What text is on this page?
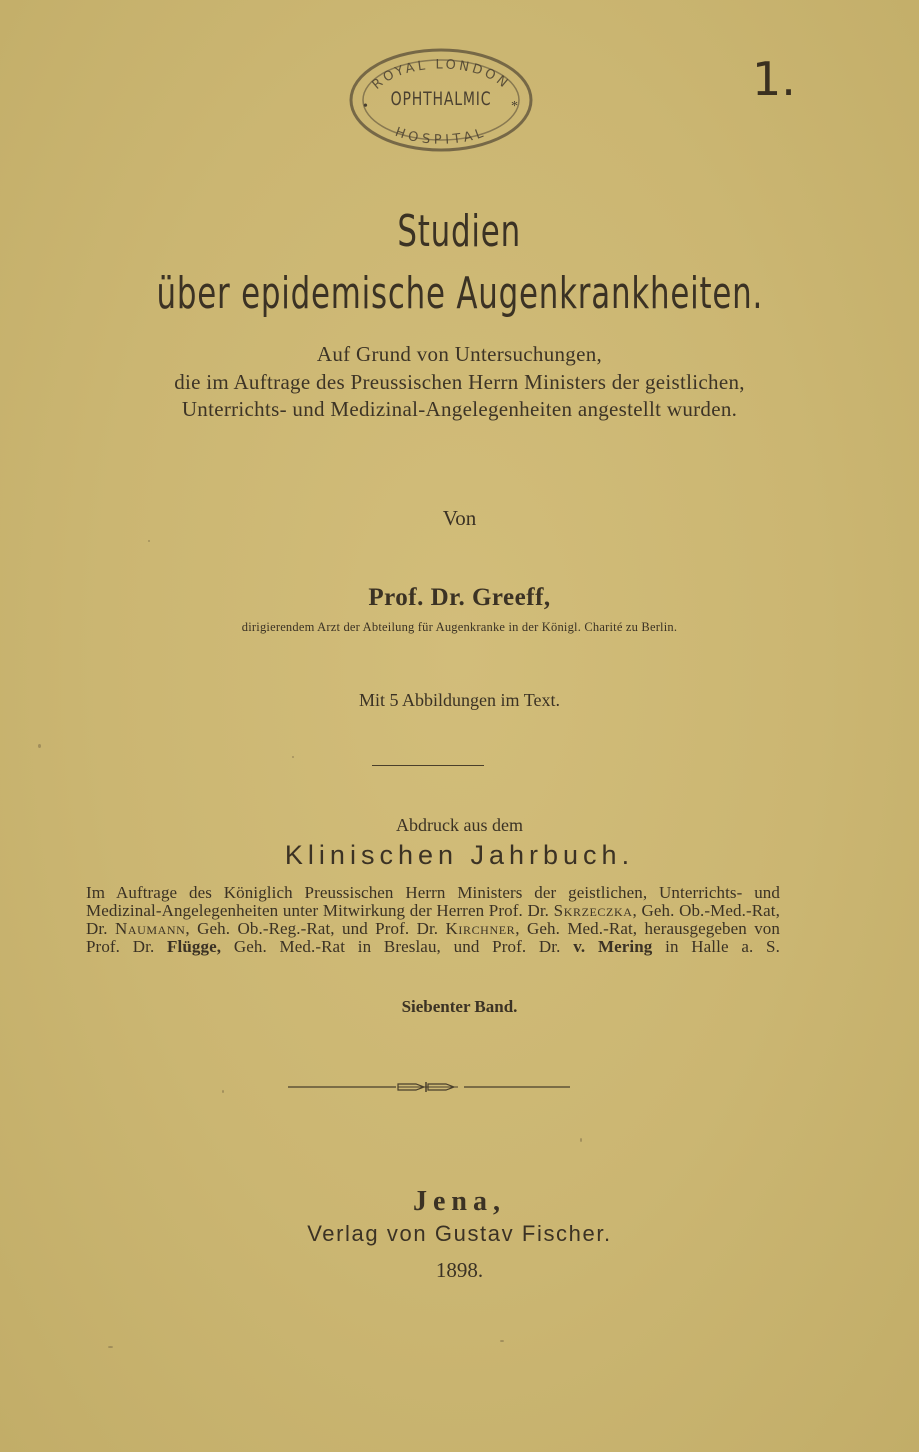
ROYAL LONDON
HOSPITAL
•	*
OPHTHALMIC	1.
Studien
über epidemische Augenkrankheiten.
Auf Grund von Untersuchungen,
die im Auftrage des Preussischen Herrn Ministers der geistlichen,
Unterrichts- und Medizinal-Angelegenheiten angestellt wurden.
Von
Prof. Dr. Greeff,
dirigierendem Arzt der Abteilung für Augenkranke in der Königl. Charité zu Berlin.
Mit 5 Abbildungen im Text.
Abdruck aus dem
Klinischen Jahrbuch.

Im Auftrage des Königlich Preussischen Herrn Ministers der geistlichen, Unterrichts- und Medizinal-Angelegenheiten unter Mitwirkung der Herren Prof. Dr. Skrzeczka, Geh. Ob.-Med.-Rat, Dr. Naumann, Geh. Ob.-Reg.-Rat, und Prof. Dr. Kirchner, Geh. Med.-Rat, herausgegeben von Prof. Dr. Flügge, Geh. Med.-Rat in Breslau, und Prof. Dr. v. Mering in Halle a. S.

Siebenter Band.
Jena,
Verlag von Gustav Fischer.
1898.
